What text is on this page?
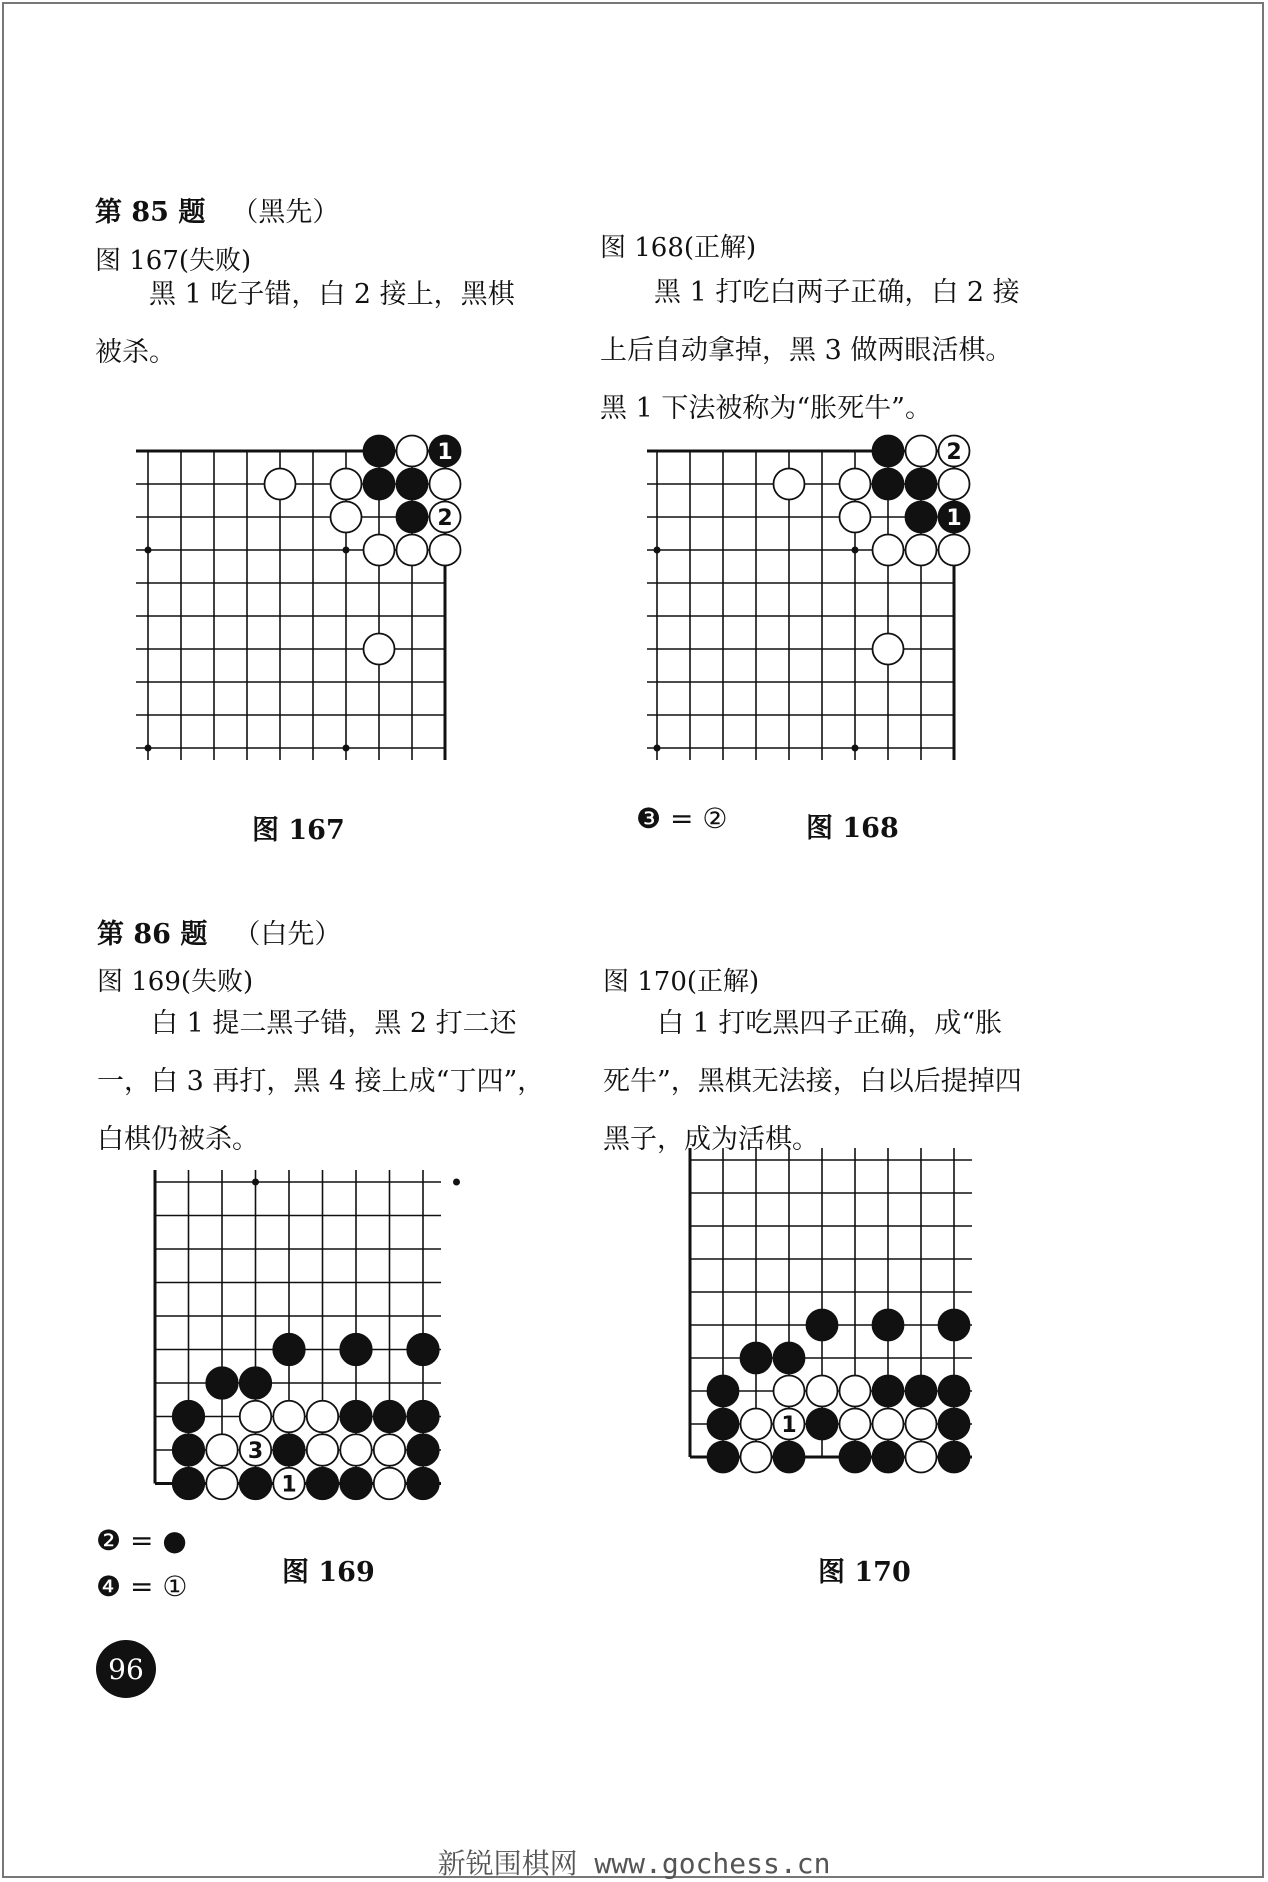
第 85 题 （黑先）
图 167(失败)

　　黑 1 吃子错，白 2 接上，黑棋

被杀。

图 168(正解)

　　黑 1 打吃白两子正确，白 2 接

上后自动拿掉，黑 3 做两眼活棋。

黑 1 下法被称为“胀死牛”。

1
2
2
1
图 167	❸ = ②	图 168
第 86 题 （白先）
图 169(失败)

　　白 1 提二黑子错，黑 2 打二还

一，白 3 再打，黑 4 接上成“丁四”，

白棋仍被杀。

图 170(正解)

　　白 1 打吃黑四子正确，成“胀

死牛”，黑棋无法接，白以后提掉四

黑子，成为活棋。

3
1
1
❷ = ●
❹ = ①	图 169	图 170
96
新锐围棋网 www.gochess.cn
